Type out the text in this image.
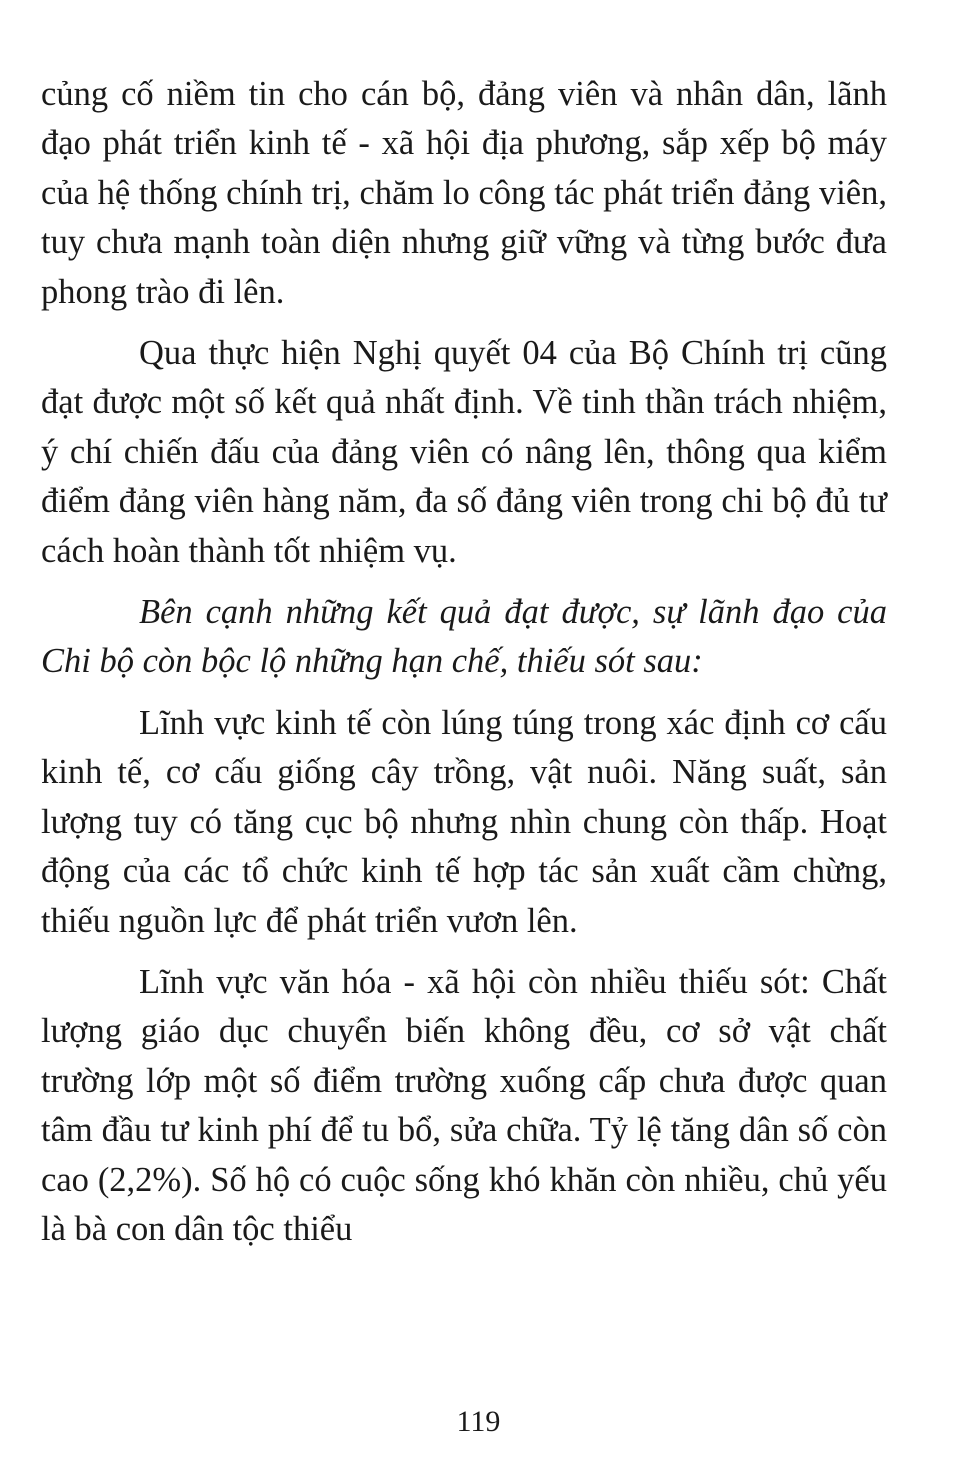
củng cố niềm tin cho cán bộ, đảng viên và nhân dân, lãnh đạo phát triển kinh tế - xã hội địa phương, sắp xếp bộ máy của hệ thống chính trị, chăm lo công tác phát triển đảng viên, tuy chưa mạnh toàn diện nhưng giữ vững và từng bước đưa phong trào đi lên.

Qua thực hiện Nghị quyết 04 của Bộ Chính trị cũng đạt được một số kết quả nhất định. Về tinh thần trách nhiệm, ý chí chiến đấu của đảng viên có nâng lên, thông qua kiểm điểm đảng viên hàng năm, đa số đảng viên trong chi bộ đủ tư cách hoàn thành tốt nhiệm vụ.

Bên cạnh những kết quả đạt được, sự lãnh đạo của Chi bộ còn bộc lộ những hạn chế, thiếu sót sau:

Lĩnh vực kinh tế còn lúng túng trong xác định cơ cấu kinh tế, cơ cấu giống cây trồng, vật nuôi. Năng suất, sản lượng tuy có tăng cục bộ nhưng nhìn chung còn thấp. Hoạt động của các tổ chức kinh tế hợp tác sản xuất cầm chừng, thiếu nguồn lực để phát triển vươn lên.

Lĩnh vực văn hóa - xã hội còn nhiều thiếu sót: Chất lượng giáo dục chuyển biến không đều, cơ sở vật chất trường lớp một số điểm trường xuống cấp chưa được quan tâm đầu tư kinh phí để tu bổ, sửa chữa. Tỷ lệ tăng dân số còn cao (2,2%). Số hộ có cuộc sống khó khăn còn nhiều, chủ yếu là bà con dân tộc thiểu

119
